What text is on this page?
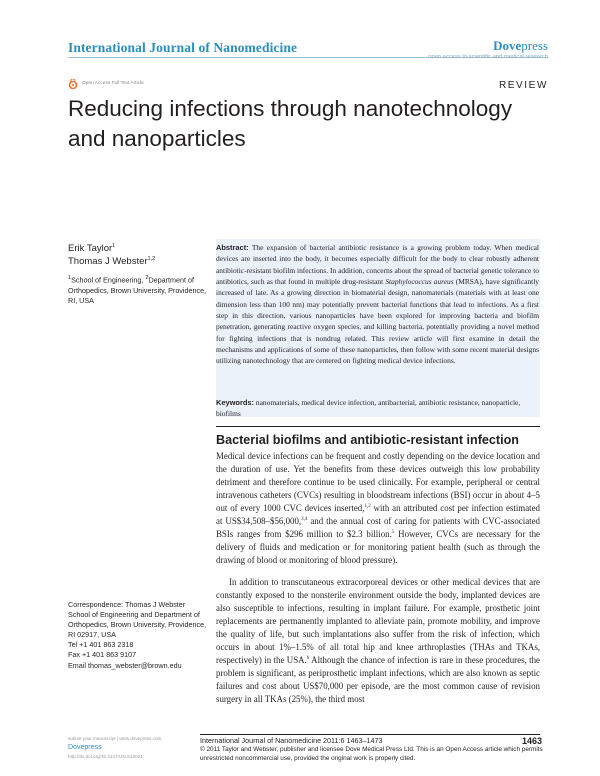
International Journal of Nanomedicine	Dovepress
open access to scientific and medical research
Open Access Full Text Article	REVIEW
Reducing infections through nanotechnology and nanoparticles
Erik Taylor$^1$
Thomas J Webster$^{1,2}$
$^1$School of Engineering, $^2$Department of Orthopedics, Brown University, Providence, RI, USA
Abstract: The expansion of bacterial antibiotic resistance is a growing problem today. When medical devices are inserted into the body, it becomes especially difficult for the body to clear robustly adherent antibiotic-resistant biofilm infections. In addition, concerns about the spread of bacterial genetic tolerance to antibiotics, such as that found in multiple drug-resistant Staphylococcus aureus (MRSA), have significantly increased of late. As a growing direction in biomaterial design, nanomaterials (materials with at least one dimension less than 100 nm) may potentially prevent bacterial functions that lead to infections. As a first step in this direction, various nanoparticles have been explored for improving bacteria and biofilm penetration, generating reactive oxygen species, and killing bacteria, potentially providing a novel method for fighting infections that is nondrug related. This review article will first examine in detail the mechanisms and applications of some of these nanoparticles, then follow with some recent material designs utilizing nanotechnology that are centered on fighting medical device infections.
Keywords: nanomaterials, medical device infection, antibacterial, antibiotic resistance, nanoparticle, biofilms
Bacterial biofilms and antibiotic-resistant infection
Medical device infections can be frequent and costly depending on the device location and the duration of use. Yet the benefits from these devices outweigh this low probability detriment and therefore continue to be used clinically. For example, peripheral or central intravenous catheters (CVCs) resulting in bloodstream infections (BSI) occur in about 4–5 out of every 1000 CVC devices inserted,$^{1,2}$ with an attributed cost per infection estimated at US$34,508–$56,000,$^{3,4}$ and the annual cost of caring for patients with CVC-associated BSIs ranges from $296 million to $2.3 billion.$^5$ However, CVCs are necessary for the delivery of fluids and medication or for monitoring patient health (such as through the drawing of blood or monitoring of blood pressure).
In addition to transcutaneous extracorporeal devices or other medical devices that are constantly exposed to the nonsterile environment outside the body, implanted devices are also susceptible to infections, resulting in implant failure. For example, prosthetic joint replacements are permanently implanted to alleviate pain, promote mobility, and improve the quality of life, but such implantations also suffer from the risk of infection, which occurs in about 1%–1.5% of all total hip and knee arthroplasties (THAs and TKAs, respectively) in the USA.$^6$ Although the chance of infection is rare in these procedures, the problem is significant, as periprosthetic implant infections, which are also known as septic failures and cost about US$70,000 per episode, are the most common cause of revision surgery in all TKAs (25%), the third most
Correspondence: Thomas J Webster
School of Engineering and Department of Orthopedics, Brown University, Providence, RI 02917, USA
Tel +1 401 863 2318
Fax +1 401 863 9107
Email thomas_webster@brown.edu
submit your manuscript | www.dovepress.com
Dovepress
http://dx.doi.org/10.2147/IJN.S22021
International Journal of Nanomedicine 2011:6 1463–1473	1463
© 2011 Taylor and Webster, publisher and licensee Dove Medical Press Ltd. This is an Open Access article which permits unrestricted noncommercial use, provided the original work is properly cited.
